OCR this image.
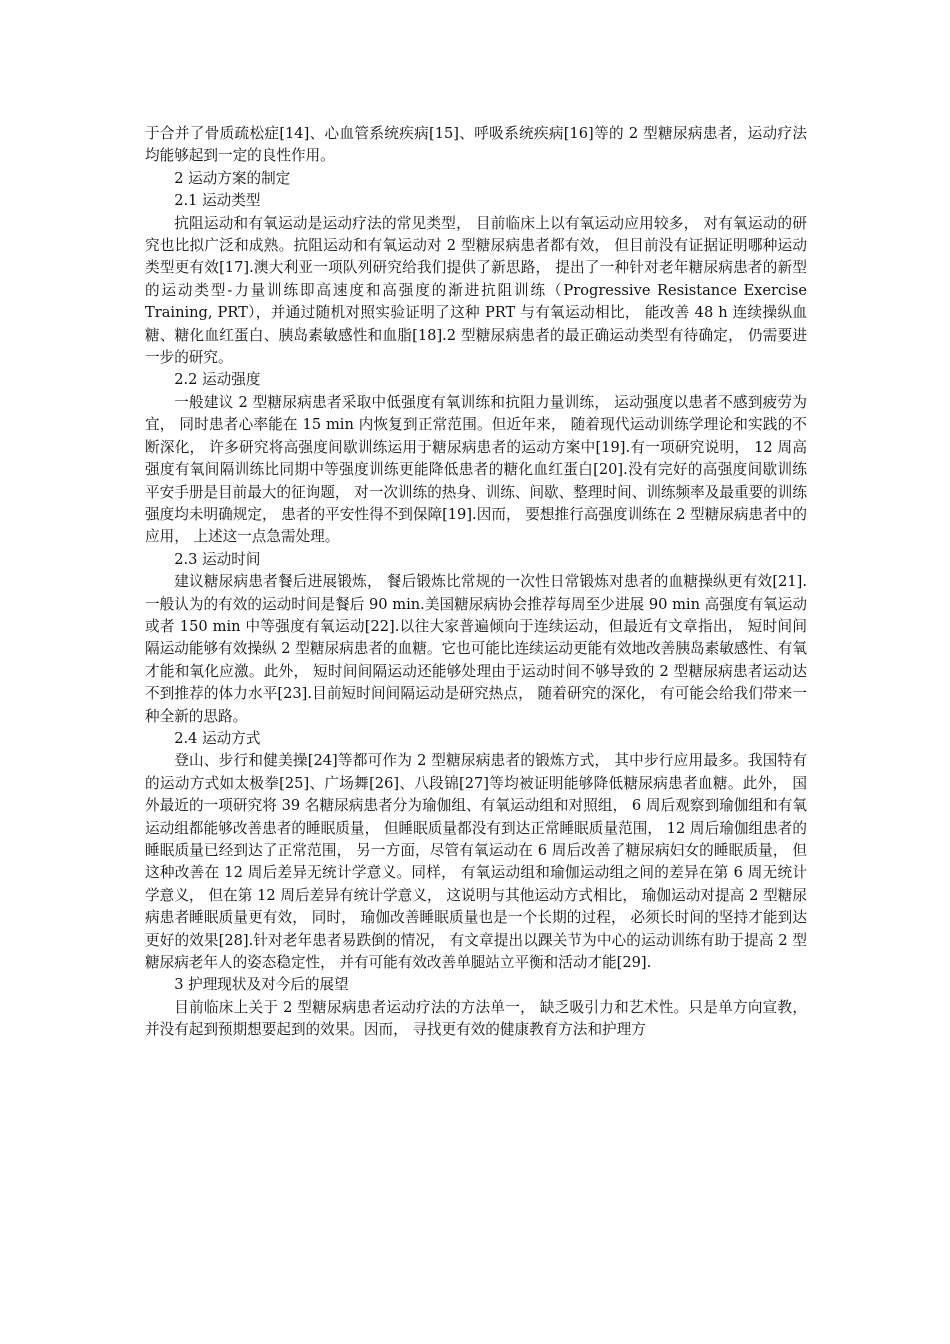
于合并了骨质疏松症[14]、心血管系统疾病[15]、呼吸系统疾病[16]等的 2 型糖尿病患者，运动疗法均能够起到一定的良性作用。

2 运动方案的制定

2.1 运动类型

抗阻运动和有氧运动是运动疗法的常见类型， 目前临床上以有氧运动应用较多， 对有氧运动的研究也比拟广泛和成熟。抗阻运动和有氧运动对 2 型糖尿病患者都有效， 但目前没有证据证明哪种运动类型更有效[17].澳大利亚一项队列研究给我们提供了新思路， 提出了一种针对老年糖尿病患者的新型的运动类型-力量训练即高速度和高强度的渐进抗阻训练（Progressive Resistance Exercise Training, PRT），并通过随机对照实验证明了这种 PRT 与有氧运动相比， 能改善 48 h 连续操纵血糖、糖化血红蛋白、胰岛素敏感性和血脂[18].2 型糖尿病患者的最正确运动类型有待确定， 仍需要进一步的研究。

2.2 运动强度

一般建议 2 型糖尿病患者采取中低强度有氧训练和抗阻力量训练， 运动强度以患者不感到疲劳为宜， 同时患者心率能在 15 min 内恢复到正常范围。但近年来， 随着现代运动训练学理论和实践的不断深化， 许多研究将高强度间歇训练运用于糖尿病患者的运动方案中[19].有一项研究说明， 12 周高强度有氧间隔训练比同期中等强度训练更能降低患者的糖化血红蛋白[20].没有完好的高强度间歇训练平安手册是目前最大的征询题， 对一次训练的热身、训练、间歇、整理时间、训练频率及最重要的训练强度均未明确规定， 患者的平安性得不到保障[19].因而， 要想推行高强度训练在 2 型糖尿病患者中的应用， 上述这一点急需处理。

2.3 运动时间

建议糖尿病患者餐后进展锻炼， 餐后锻炼比常规的一次性日常锻炼对患者的血糖操纵更有效[21].一般认为的有效的运动时间是餐后 90 min.美国糖尿病协会推荐每周至少进展 90 min 高强度有氧运动或者 150 min 中等强度有氧运动[22].以往大家普遍倾向于连续运动，但最近有文章指出， 短时间间隔运动能够有效操纵 2 型糖尿病患者的血糖。它也可能比连续运动更能有效地改善胰岛素敏感性、有氧才能和氧化应激。此外， 短时间间隔运动还能够处理由于运动时间不够导致的 2 型糖尿病患者运动达不到推荐的体力水平[23].目前短时间间隔运动是研究热点， 随着研究的深化， 有可能会给我们带来一种全新的思路。

2.4 运动方式

登山、步行和健美操[24]等都可作为 2 型糖尿病患者的锻炼方式， 其中步行应用最多。我国特有的运动方式如太极拳[25]、广场舞[26]、八段锦[27]等均被证明能够降低糖尿病患者血糖。此外， 国外最近的一项研究将 39 名糖尿病患者分为瑜伽组、有氧运动组和对照组， 6 周后观察到瑜伽组和有氧运动组都能够改善患者的睡眠质量， 但睡眠质量都没有到达正常睡眠质量范围， 12 周后瑜伽组患者的睡眠质量已经到达了正常范围， 另一方面，尽管有氧运动在 6 周后改善了糖尿病妇女的睡眠质量， 但这种改善在 12 周后差异无统计学意义。同样， 有氧运动组和瑜伽运动组之间的差异在第 6 周无统计学意义， 但在第 12 周后差异有统计学意义， 这说明与其他运动方式相比， 瑜伽运动对提高 2 型糖尿病患者睡眠质量更有效， 同时， 瑜伽改善睡眠质量也是一个长期的过程， 必须长时间的坚持才能到达更好的效果[28].针对老年患者易跌倒的情况， 有文章提出以踝关节为中心的运动训练有助于提高 2 型糖尿病老年人的姿态稳定性， 并有可能有效改善单腿站立平衡和活动才能[29].

3 护理现状及对今后的展望

目前临床上关于 2 型糖尿病患者运动疗法的方法单一， 缺乏吸引力和艺术性。只是单方向宣教， 并没有起到预期想要起到的效果。因而， 寻找更有效的健康教育方法和护理方
